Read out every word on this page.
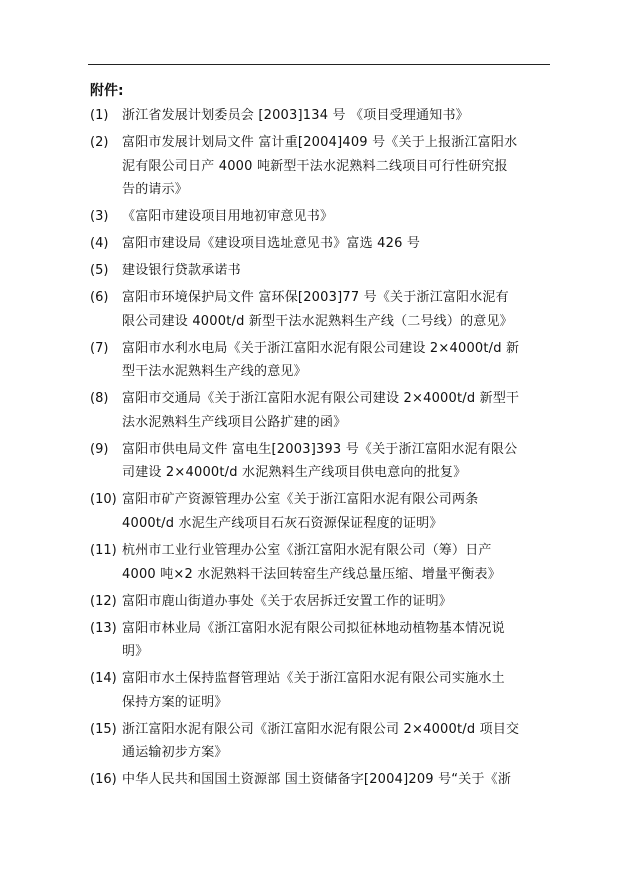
附件:
(1)	浙江省发展计划委员会 [2003]134 号 《项目受理通知书》
(2)	富阳市发展计划局文件 富计重[2004]409 号《关于上报浙江富阳水
泥有限公司日产 4000 吨新型干法水泥熟料二线项目可行性研究报
告的请示》
(3)	《富阳市建设项目用地初审意见书》
(4)	富阳市建设局《建设项目选址意见书》富选 426 号
(5)	建设银行贷款承诺书
(6)	富阳市环境保护局文件 富环保[2003]77 号《关于浙江富阳水泥有
限公司建设 4000t/d 新型干法水泥熟料生产线（二号线）的意见》
(7)	富阳市水利水电局《关于浙江富阳水泥有限公司建设 2×4000t/d 新
型干法水泥熟料生产线的意见》
(8)	富阳市交通局《关于浙江富阳水泥有限公司建设 2×4000t/d 新型干
法水泥熟料生产线项目公路扩建的函》
(9)	富阳市供电局文件 富电生[2003]393 号《关于浙江富阳水泥有限公
司建设 2×4000t/d 水泥熟料生产线项目供电意向的批复》
(10) 富阳市矿产资源管理办公室《关于浙江富阳水泥有限公司两条
4000t/d 水泥生产线项目石灰石资源保证程度的证明》
(11) 杭州市工业行业管理办公室《浙江富阳水泥有限公司（筹）日产
4000 吨×2 水泥熟料干法回转窑生产线总量压缩、增量平衡表》
(12) 富阳市鹿山街道办事处《关于农居拆迁安置工作的证明》
(13) 富阳市林业局《浙江富阳水泥有限公司拟征林地动植物基本情况说
明》
(14) 富阳市水土保持监督管理站《关于浙江富阳水泥有限公司实施水土
保持方案的证明》
(15) 浙江富阳水泥有限公司《浙江富阳水泥有限公司 2×4000t/d 项目交
通运输初步方案》
(16) 中华人民共和国国土资源部 国土资储备字[2004]209 号“关于《浙
